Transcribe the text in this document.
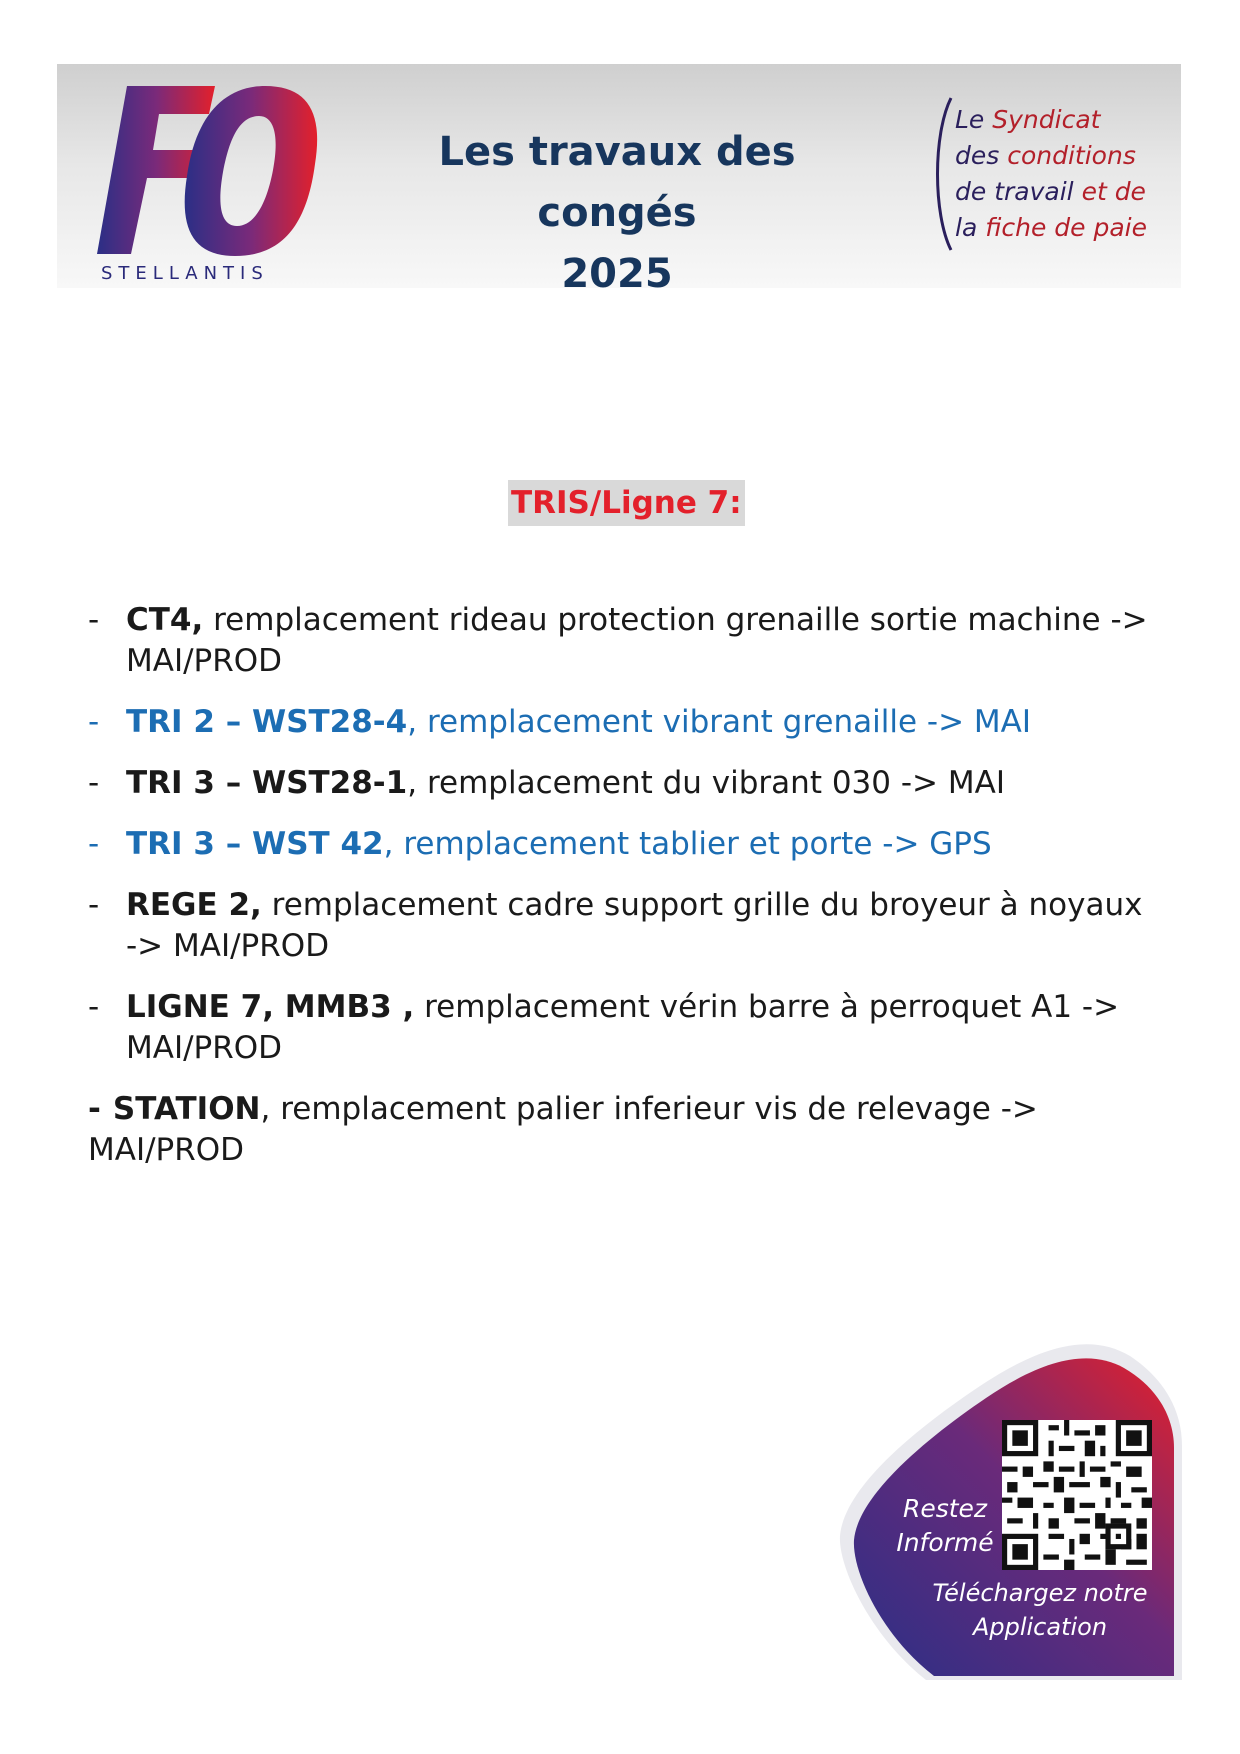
STELLANTIS
Les travaux des congés
2025
Le Syndicat
des conditions
de travail et de
la fiche de paie
TRIS/Ligne 7:
- CT4, remplacement rideau protection grenaille sortie machine -> MAI/PROD
- TRI 2 – WST28-4, remplacement vibrant grenaille -> MAI
- TRI 3 – WST28-1, remplacement du vibrant 030 -> MAI
- TRI 3 – WST 42, remplacement tablier et porte -> GPS
- REGE 2, remplacement cadre support grille du broyeur à noyaux -> MAI/PROD
- LIGNE 7, MMB3 , remplacement vérin barre à perroquet A1 -> MAI/PROD
- STATION, remplacement palier inferieur vis de relevage -> MAI/PROD
Restez
Informé
Téléchargez notre
Application
